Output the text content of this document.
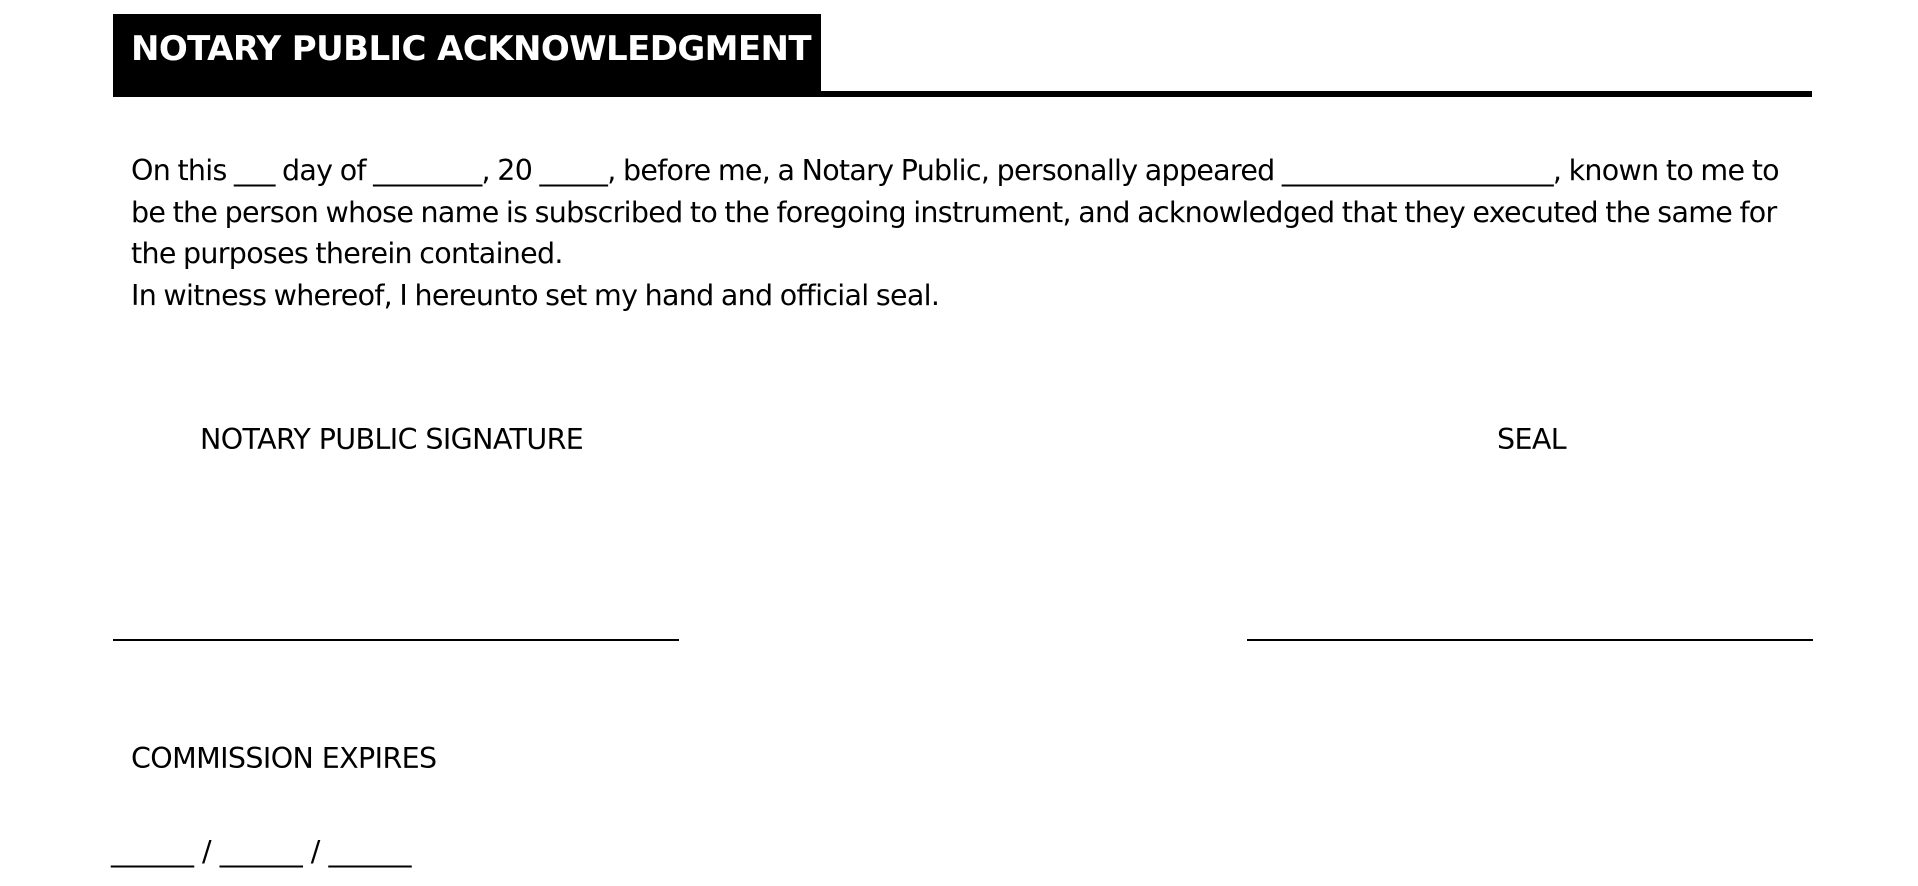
NOTARY PUBLIC ACKNOWLEDGMENT

On this ___ day of ________, 20 _____, before me, a Notary Public, personally appeared ____________________, known to me to be the person whose name is subscribed to the foregoing instrument, and acknowledged that they executed the same for the purposes therein contained.

In witness whereof, I hereunto set my hand and official seal.

NOTARY PUBLIC SIGNATURE	SEAL
COMMISSION EXPIRES
______ / ______ / ______
